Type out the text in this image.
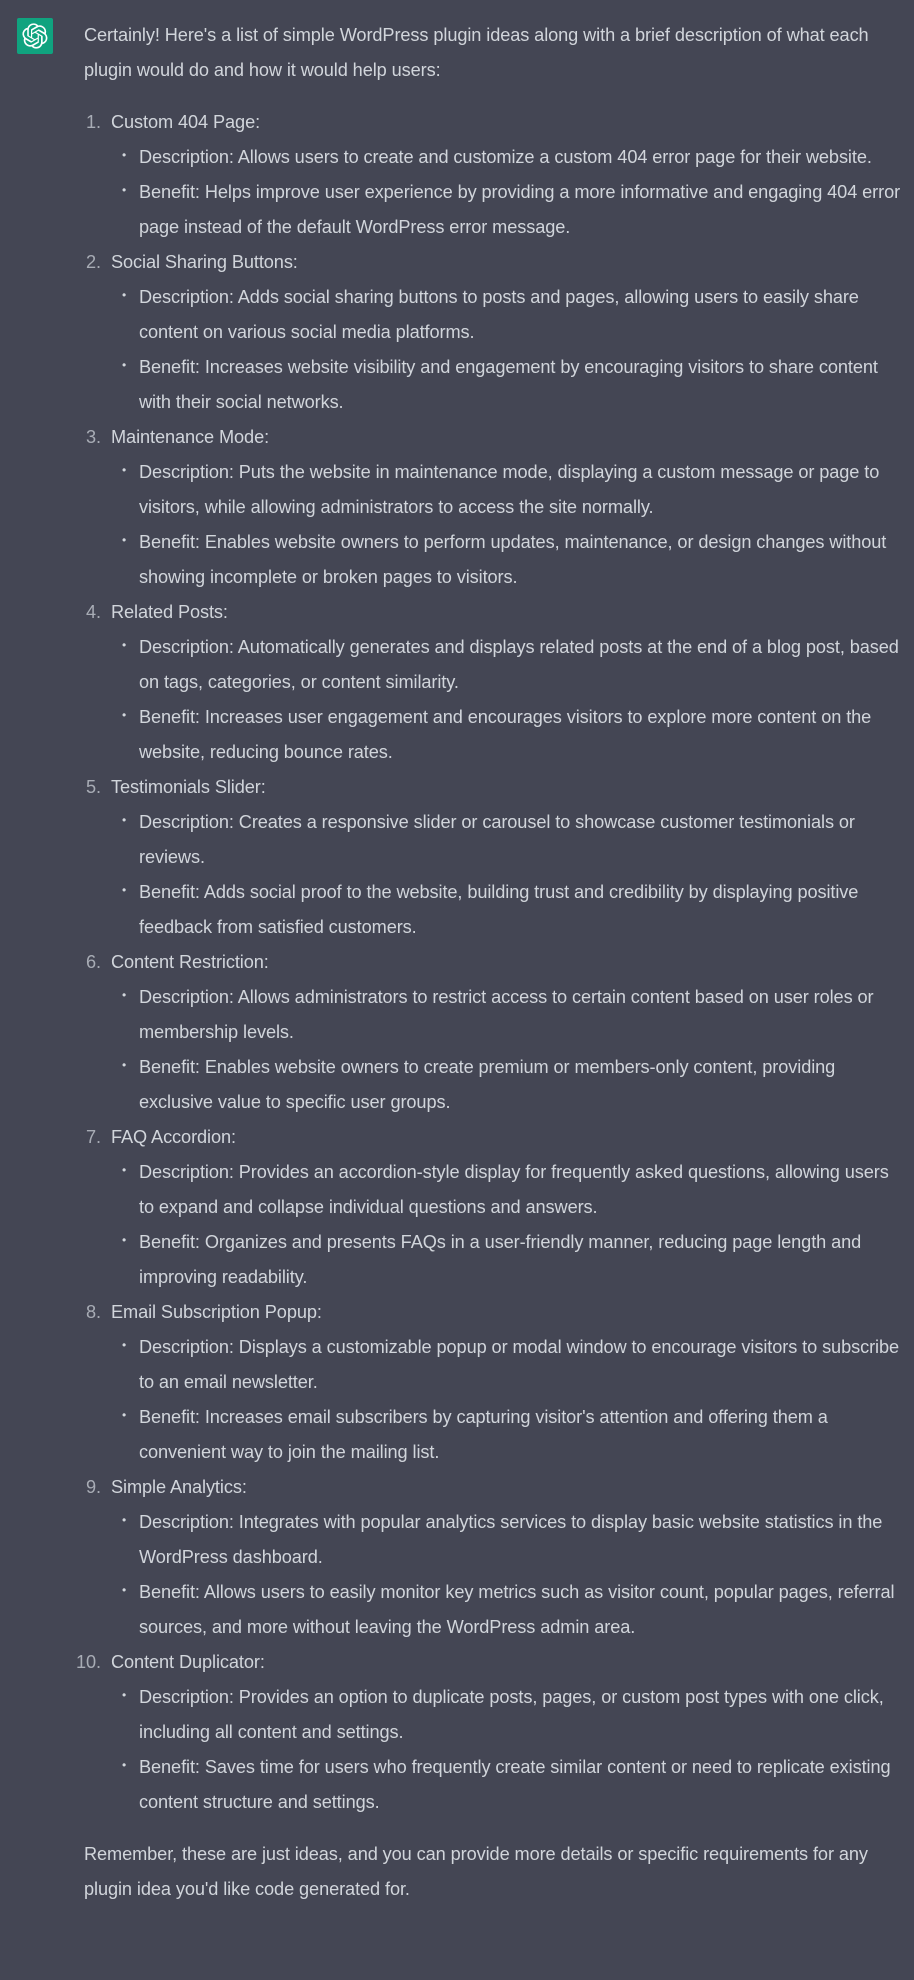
Certainly! Here's a list of simple WordPress plugin ideas along with a brief description of what each plugin would do and how it would help users:

1. Custom 404 Page:
• Description: Allows users to create and customize a custom 404 error page for their website.
• Benefit: Helps improve user experience by providing a more informative and engaging 404 error page instead of the default WordPress error message.
2. Social Sharing Buttons:
• Description: Adds social sharing buttons to posts and pages, allowing users to easily share content on various social media platforms.
• Benefit: Increases website visibility and engagement by encouraging visitors to share content with their social networks.
3. Maintenance Mode:
• Description: Puts the website in maintenance mode, displaying a custom message or page to visitors, while allowing administrators to access the site normally.
• Benefit: Enables website owners to perform updates, maintenance, or design changes without showing incomplete or broken pages to visitors.
4. Related Posts:
• Description: Automatically generates and displays related posts at the end of a blog post, based on tags, categories, or content similarity.
• Benefit: Increases user engagement and encourages visitors to explore more content on the website, reducing bounce rates.
5. Testimonials Slider:
• Description: Creates a responsive slider or carousel to showcase customer testimonials or reviews.
• Benefit: Adds social proof to the website, building trust and credibility by displaying positive feedback from satisfied customers.
6. Content Restriction:
• Description: Allows administrators to restrict access to certain content based on user roles or membership levels.
• Benefit: Enables website owners to create premium or members-only content, providing exclusive value to specific user groups.
7. FAQ Accordion:
• Description: Provides an accordion-style display for frequently asked questions, allowing users to expand and collapse individual questions and answers.
• Benefit: Organizes and presents FAQs in a user-friendly manner, reducing page length and improving readability.
8. Email Subscription Popup:
• Description: Displays a customizable popup or modal window to encourage visitors to subscribe to an email newsletter.
• Benefit: Increases email subscribers by capturing visitor's attention and offering them a convenient way to join the mailing list.
9. Simple Analytics:
• Description: Integrates with popular analytics services to display basic website statistics in the WordPress dashboard.
• Benefit: Allows users to easily monitor key metrics such as visitor count, popular pages, referral sources, and more without leaving the WordPress admin area.
10. Content Duplicator:
• Description: Provides an option to duplicate posts, pages, or custom post types with one click, including all content and settings.
• Benefit: Saves time for users who frequently create similar content or need to replicate existing content structure and settings.

Remember, these are just ideas, and you can provide more details or specific requirements for any plugin idea you'd like code generated for.
